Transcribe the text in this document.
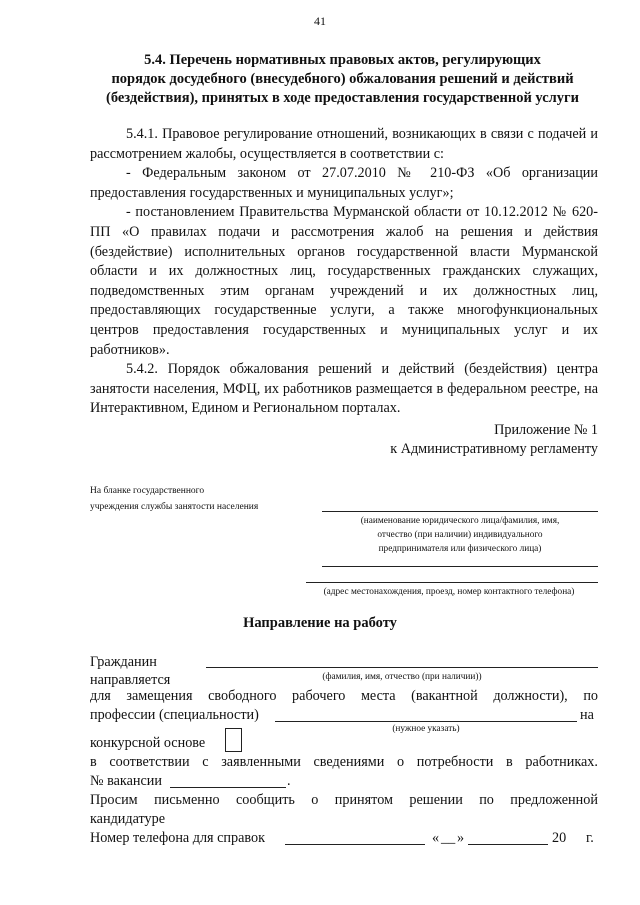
41
5.4. Перечень нормативных правовых актов, регулирующих
порядок досудебного (внесудебного) обжалования решений и действий
(бездействия), принятых в ходе предоставления государственной услуги

5.4.1. Правовое регулирование отношений, возникающих в связи с подачей и рассмотрением жалобы, осуществляется в соответствии с:

- Федеральным законом от 27.07.2010 № 210-ФЗ «Об организации предоставления государственных и муниципальных услуг»;

- постановлением Правительства Мурманской области от 10.12.2012 № 620-ПП «О правилах подачи и рассмотрения жалоб на решения и действия (бездействие) исполнительных органов государственной власти Мурманской области и их должностных лиц, государственных гражданских служащих, подведомственных этим органам учреждений и их должностных лиц, предоставляющих государственные услуги, а также многофункциональных центров предоставления государственных и муниципальных услуг и их работников».

5.4.2. Порядок обжалования решений и действий (бездействия) центра занятости населения, МФЦ, их работников размещается в федеральном реестре, на Интерактивном, Едином и Региональном порталах.

Приложение № 1
к Административному регламенту
На бланке государственного
учреждения службы занятости населения
(наименование юридического лица/фамилия, имя,
отчество (при наличии) индивидуального
предпринимателя или физического лица)
(адрес местонахождения, проезд, номер контактного телефона)
Направление на работу
Гражданин
направляется	(фамилия, имя, отчество (при наличии))
для замещения свободного рабочего места (вакантной должности), по
профессии (специальности)	на
(нужное указать)
конкурсной основе
в соответствии с заявленными сведениями о потребности в работниках.
№ вакансии	.
Просим письменно сообщить о принятом решении по предложенной
кандидатуре
Номер телефона для справок	« __ »	20 г.
